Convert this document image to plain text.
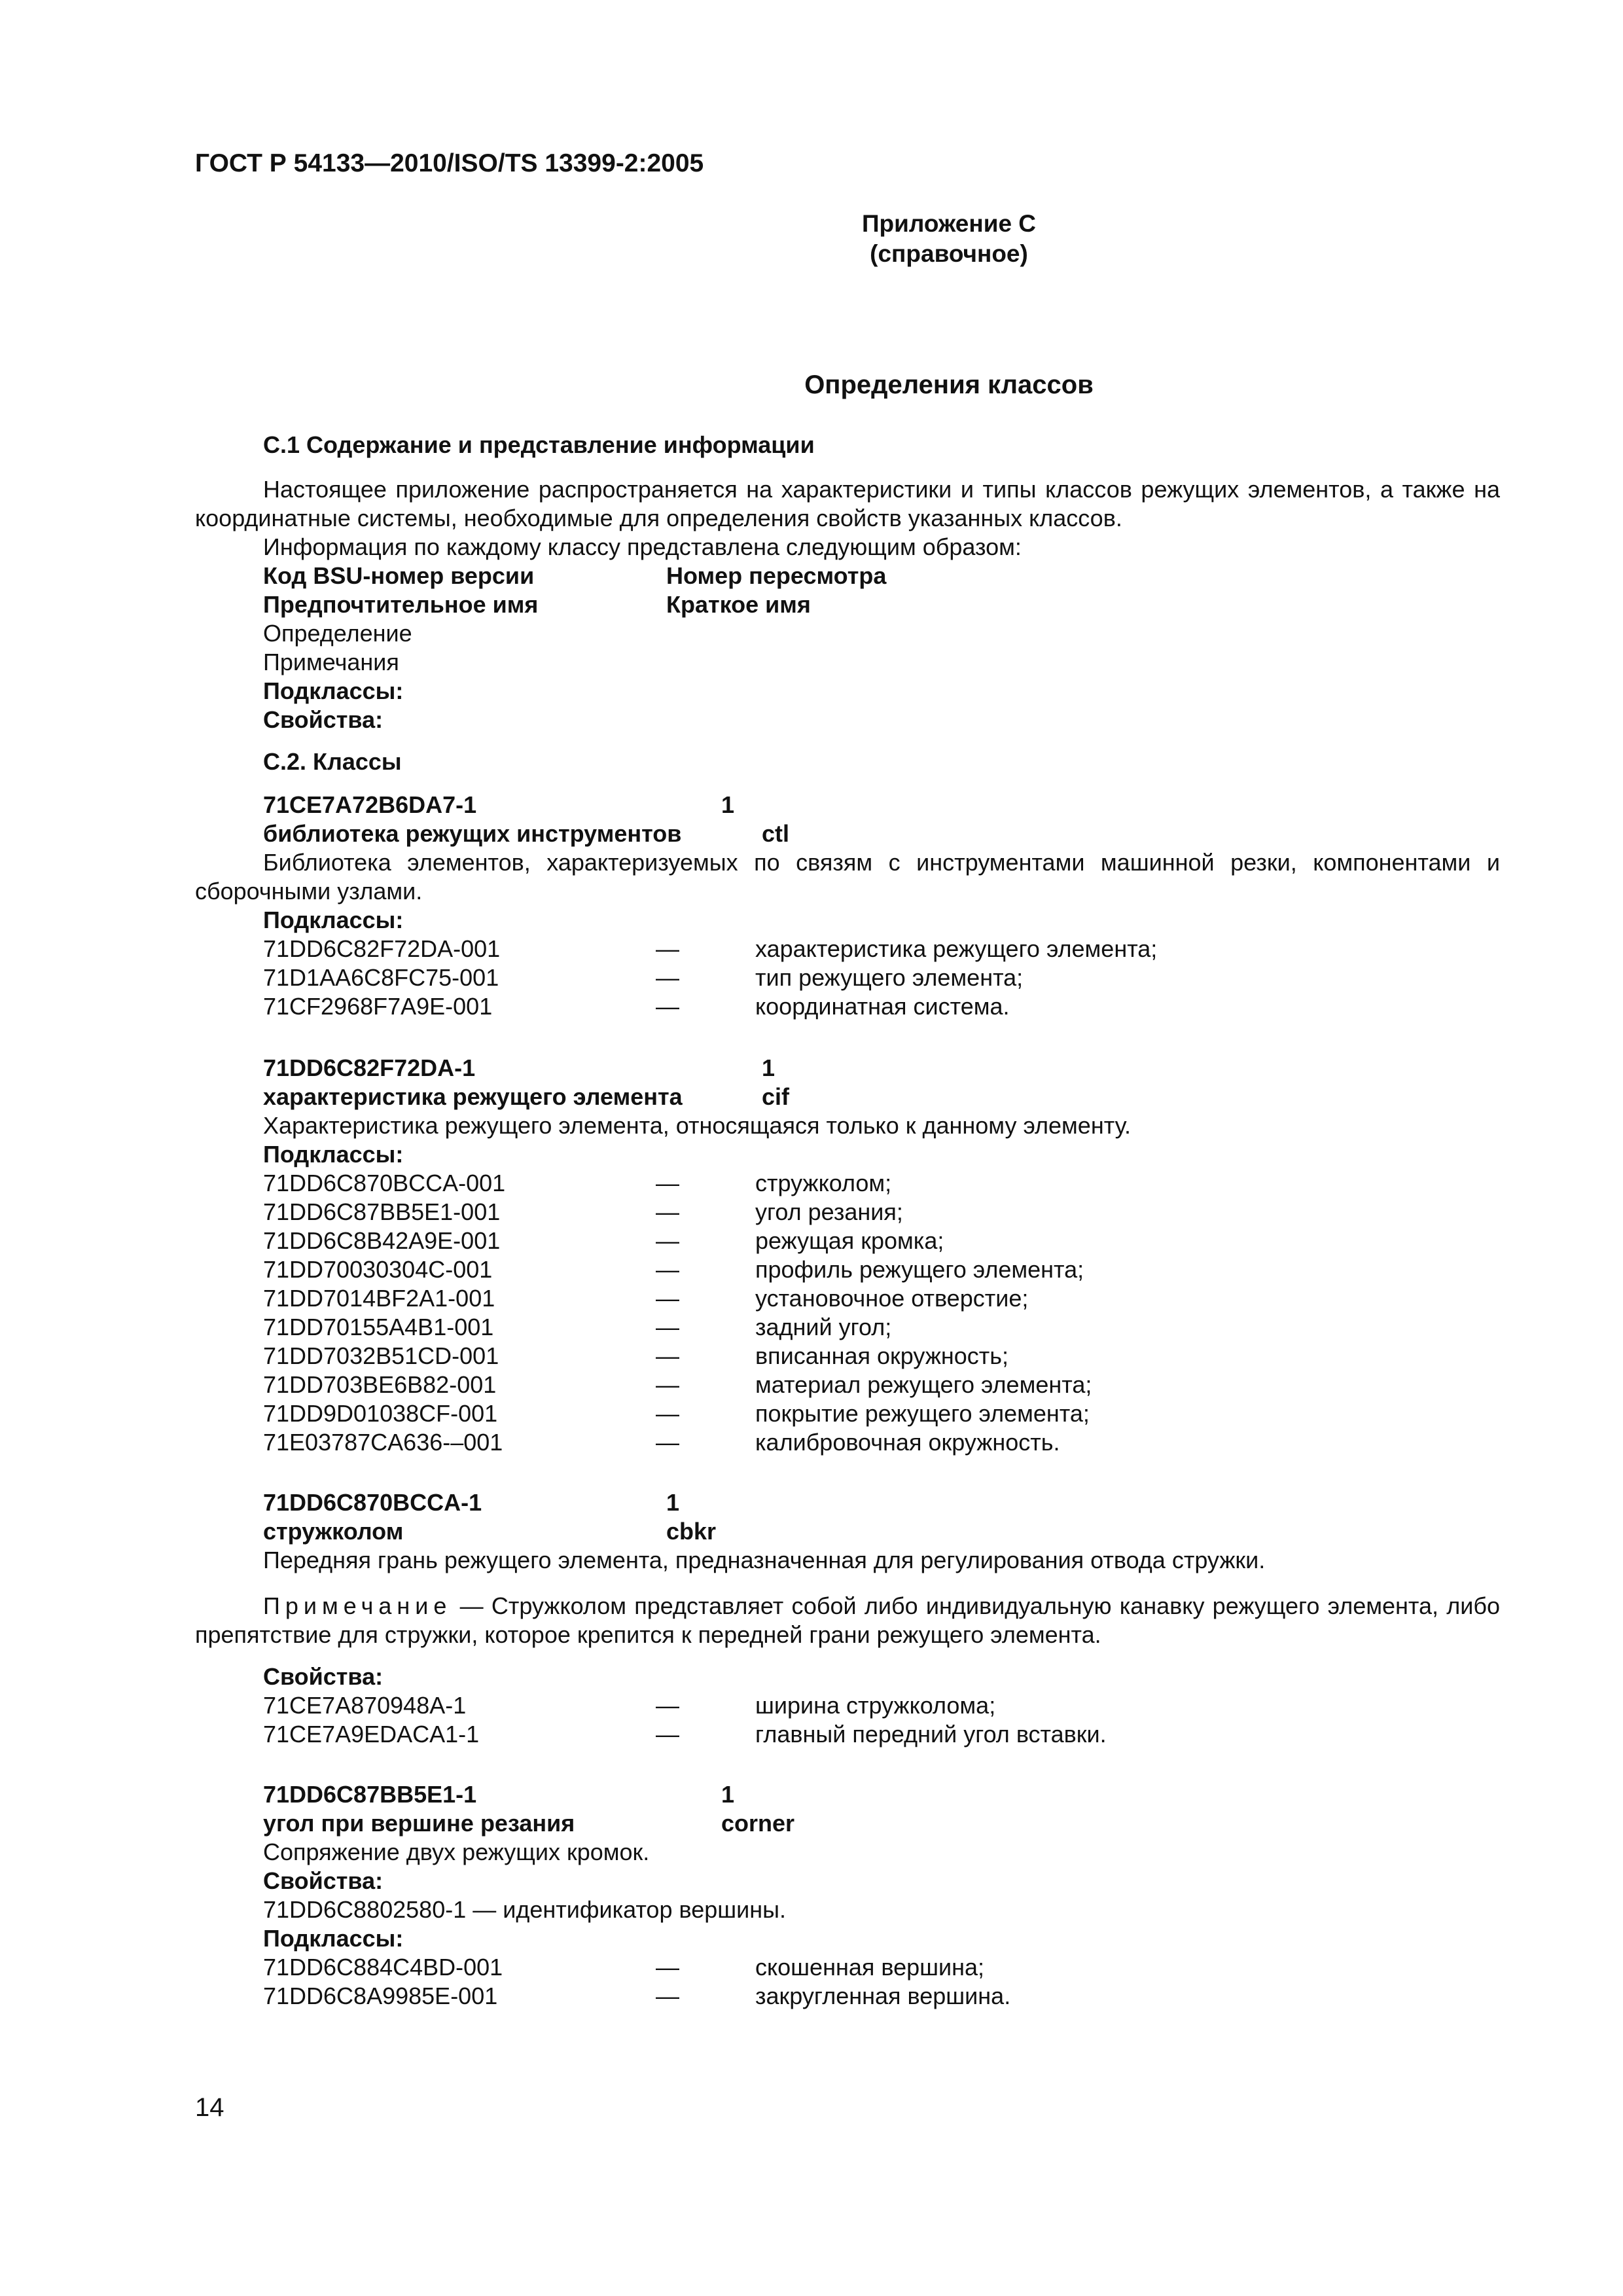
ГОСТ Р 54133—2010/ISO/TS 13399-2:2005
Приложение С
(справочное)
Определения классов
С.1 Содержание и представление информации
Настоящее приложение распространяется на характеристики и типы классов режущих элементов, а также на координатные системы, необходимые для определения свойств указанных классов.
Информация по каждому классу представлена следующим образом:
Код BSU-номер версии	Номер пересмотра
Предпочтительное имя	Краткое имя
Определение
Примечания
Подклассы:
Свойства:
С.2. Классы
71CE7A72B6DA7-1	1
библиотека режущих инструментов	ctl
Библиотека элементов, характеризуемых по связям с инструментами машинной резки, компонентами и сборочными узлами.
Подклассы:
71DD6C82F72DA-001	—	характеристика режущего элемента;
71D1AA6C8FC75-001	—	тип режущего элемента;
71CF2968F7A9E-001	—	координатная система.
71DD6C82F72DA-1	1
характеристика режущего элемента	cif
Характеристика режущего элемента, относящаяся только к данному элементу.
Подклассы:
71DD6C870BCCA-001	—	стружколом;
71DD6C87BB5E1-001	—	угол резания;
71DD6C8B42A9E-001	—	режущая кромка;
71DD70030304C-001	—	профиль режущего элемента;
71DD7014BF2A1-001	—	установочное отверстие;
71DD70155A4B1-001	—	задний угол;
71DD7032B51CD-001	—	вписанная окружность;
71DD703BE6B82-001	—	материал режущего элемента;
71DD9D01038CF-001	—	покрытие режущего элемента;
71E03787CA636-–001	—	калибровочная окружность.
71DD6C870BCCA-1	1
стружколом	cbkr
Передняя грань режущего элемента, предназначенная для регулирования отвода стружки.
Примечание — Стружколом представляет собой либо индивидуальную канавку режущего элемента, либо препятствие для стружки, которое крепится к передней грани режущего элемента.
Свойства:
71CE7A870948A-1	—	ширина стружколома;
71CE7A9EDACA1-1	—	главный передний угол вставки.
71DD6C87BB5E1-1	1
угол при вершине резания	corner
Сопряжение двух режущих кромок.
Свойства:
71DD6C8802580-1 — идентификатор вершины.
Подклассы:
71DD6C884C4BD-001	—	скошенная вершина;
71DD6C8A9985E-001	—	закругленная вершина.
14
